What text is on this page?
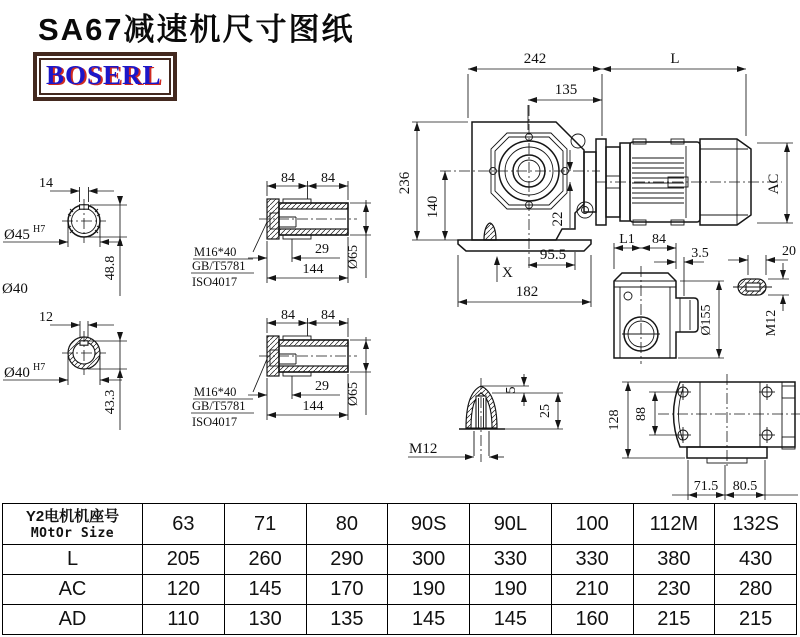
SA67减速机尺寸图纸
BOSERL
242	L
135
236
140
22
95.5
X
182
AC
14
Ø45 H7
48.8
Ø40
12
Ø40 H7
43.3
84 84
29
144
Ø65
M16*40
GB/T5781
ISO4017
84 84
29
144
Ø65
M16*40
GB/T5781
ISO4017
L1 84
3.5
Ø155
20
M12
5
25
M12
128 88
71.5 80.5
Y2电机机座号
MOtOr Size	63	71	80	90S	90L	100	112M	132S
L	205	260	290	300	330	330	380	430
AC	120	145	170	190	190	210	230	280
AD	110	130	135	145	145	160	215	215
